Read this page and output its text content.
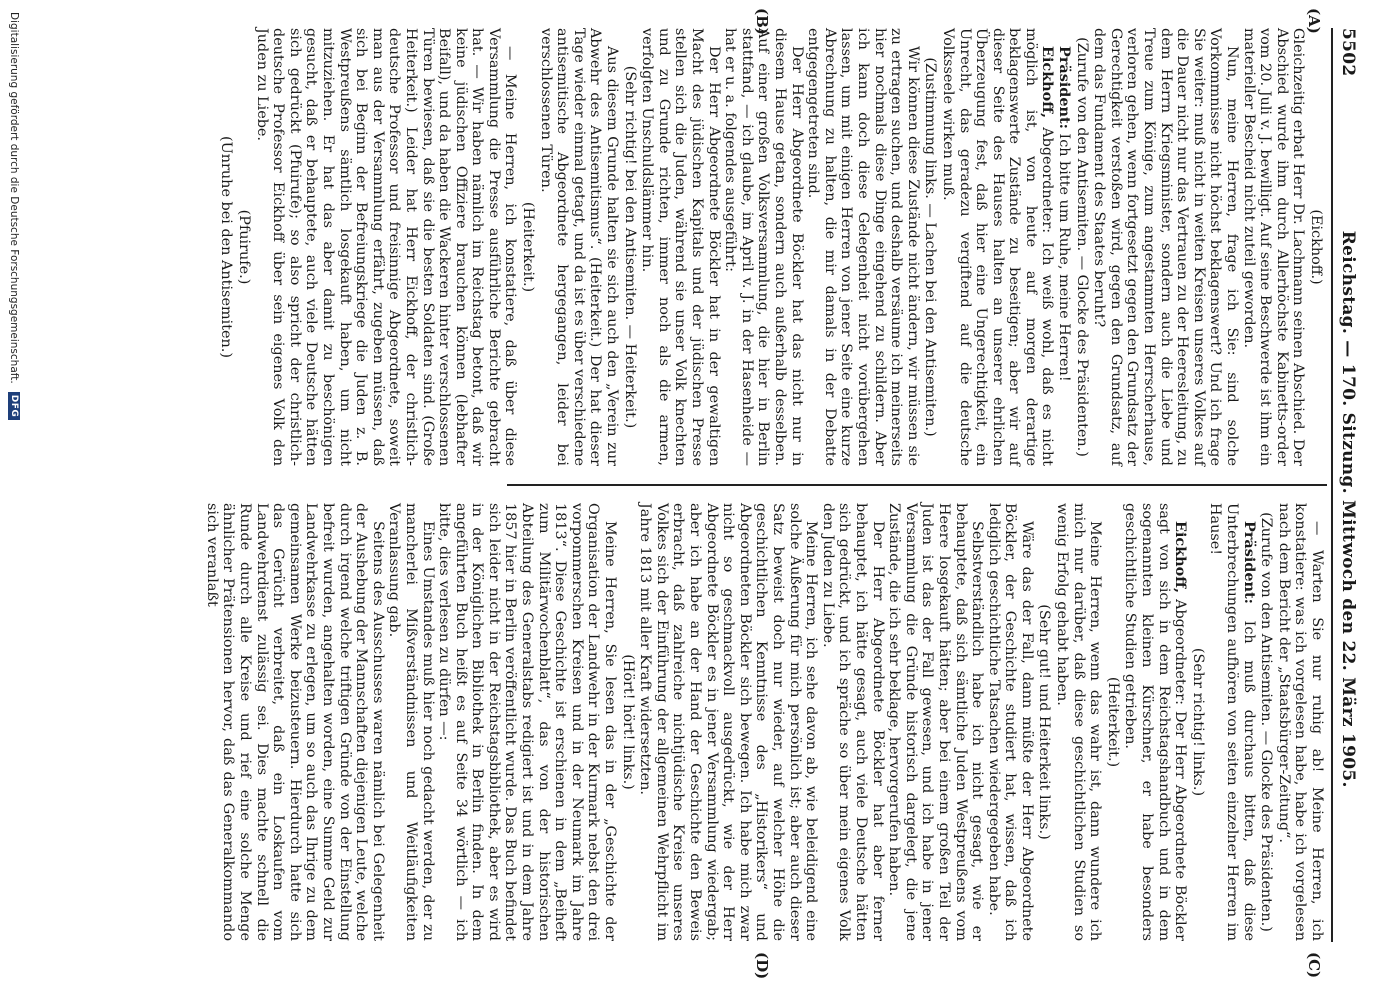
5502
Reichstag. — 170. Sitzung. Mittwoch den 22. März 1905.
(A)
(B)
(C)
(D)

(Eickhoff.)

Gleichzeitig erbat Herr Dr. Lachmann seinen Abschied. Der Abschied wurde ihm durch Allerhöchste Kabinetts-order vom 20. Juli v. J. bewilligt. Auf seine Beschwerde ist ihm ein materieller Bescheid nicht zuteil geworden.

Nun, meine Herren, frage ich Sie: sind solche Vorkommnisse nicht höchst beklagenswert? Und ich frage Sie weiter: muß nicht in weiten Kreisen unseres Volkes auf die Dauer nicht nur das Vertrauen zu der Heeresleitung, zu dem Herrn Kriegsminister, sondern auch die Liebe und Treue zum Könige, zum angestammten Herrscherhause, verloren gehen, wenn fortgesetzt gegen den Grundsatz der Gerechtigkeit verstoßen wird, gegen den Grundsatz, auf dem das Fundament des Staates beruht?

(Zurufe von den Antisemiten. — Glocke des Präsidenten.)

Präsident: Ich bitte um Ruhe, meine Herren!

Eickhoff, Abgeordneter: Ich weiß wohl, daß es nicht möglich ist, von heute auf morgen derartige beklagenswerte Zustände zu beseitigen; aber wir auf dieser Seite des Hauses halten an unserer ehrlichen Überzeugung fest, daß hier eine Ungerechtigkeit, ein Unrecht, das geradezu vergiftend auf die deutsche Volksseele wirken muß.

(Zustimmung links. — Lachen bei den Antisemiten.)

Wir können diese Zustände nicht ändern, wir müssen sie zu ertragen suchen, und deshalb versäume ich meinerseits hier nochmals diese Dinge eingehend zu schildern. Aber ich kann doch diese Gelegenheit nicht vorübergehen lassen, um mit einigen Herren von jener Seite eine kurze Abrechnung zu halten, die mir damals in der Debatte entgegengetreten sind.

Der Herr Abgeordnete Böckler hat das nicht nur in diesem Hause getan, sondern auch außerhalb desselben. Auf einer großen Volksversammlung, die hier in Berlin stattfand, — ich glaube, im April v. J. in der Hasenheide — hat er u. a. folgendes ausgeführt:

Der Herr Abgeordnete Böckler hat in der gewaltigen Macht des jüdischen Kapitals und der jüdischen Presse stellen sich die Juden, während sie unser Volk knechten und zu Grunde richten, immer noch als die armen, verfolgten Unschuldslämmer hin.

(Sehr richtig! bei den Antisemiten. — Heiterkeit.)

Aus diesem Grunde halten sie sich auch den „Verein zur Abwehr des Antisemitismus“. (Heiterkeit.) Der hat dieser Tage wieder einmal getagt, und da ist es über verschiedene antisemitische Abgeordnete hergegangen, leider bei verschlossenen Türen.

(Heiterkeit.)

— Meine Herren, ich konstatiere, daß über diese Versammlung die Presse ausführliche Berichte gebracht hat. — Wir haben nämlich im Reichstag betont, daß wir keine jüdischen Offiziere brauchen können (lebhafter Beifall), und da haben die Wackeren hinter verschlossenen Türen bewiesen, daß sie die besten Soldaten sind. (Große Heiterkeit.) Leider hat Herr Eickhoff, der christlich-deutsche Professor und freisinnige Abgeordnete, soweit man aus der Versammlung erfährt, zugeben müssen, daß sich bei Beginn der Befreiungskriege die Juden z. B. Westpreußens sämtlich losgekauft haben, um nicht mitzuziehen. Er hat das aber damit zu beschönigen gesucht, daß er behauptete, auch viele Deutsche hätten sich gedrückt (Pfuirufe); so also spricht der christlich-deutsche Professor Eickhoff über sein eigenes Volk den Juden zu Liebe.

(Pfuirufe.)

(Unruhe bei den Antisemiten.)

— Warten Sie nur ruhig ab! Meine Herren, ich konstatiere: was ich vorgelesen habe, habe ich vorgelesen nach dem Bericht der „Staatsbürger-Zeitung“.

(Zurufe von den Antisemiten. — Glocke des Präsidenten.)

Präsident: Ich muß durchaus bitten, daß diese Unterbrechungen aufhören von seiten einzelner Herren im Hause!

(Sehr richtig! links.)

Eickhoff, Abgeordneter: Der Herr Abgeordnete Böckler sagt von sich in dem Reichstagshandbuch und in dem sogenannten kleinen Kürschner, er habe besonders geschichtliche Studien getrieben.

(Heiterkeit.)

Meine Herren, wenn das wahr ist, dann wundere ich mich nur darüber, daß diese geschichtlichen Studien so wenig Erfolg gehabt haben.

(Sehr gut! und Heiterkeit links.)

Wäre das der Fall, dann müßte der Herr Abgeordnete Böckler, der Geschichte studiert hat, wissen, daß ich lediglich geschichtliche Tatsachen wiedergegeben habe.

Selbstverständlich habe ich nicht gesagt, wie er behauptete, daß sich sämtliche Juden Westpreußens vom Heere losgekauft hätten; aber bei einem großen Teil der Juden ist das der Fall gewesen, und ich habe in jener Versammlung die Gründe historisch dargelegt, die jene Zustände, die ich sehr beklage, hervorgerufen haben.

Der Herr Abgeordnete Böckler hat aber ferner behauptet, ich hätte gesagt, auch viele Deutsche hätten sich gedrückt, und ich spräche so über mein eigenes Volk den Juden zu Liebe.

Meine Herren, ich sehe davon ab, wie beleidigend eine solche Äußerung für mich persönlich ist; aber auch dieser Satz beweist doch nur wieder, auf welcher Höhe die geschichtlichen Kenntnisse des „Historikers“ und Abgeordneten Böckler sich bewegen. Ich habe mich zwar nicht so geschmackvoll ausgedrückt, wie der Herr Abgeordnete Böckler es in jener Versammlung wiedergab; aber ich habe an der Hand der Geschichte den Beweis erbracht, daß zahlreiche nichtjüdische Kreise unseres Volkes sich der Einführung der allgemeinen Wehrpflicht im Jahre 1813 mit aller Kraft widersetzten.

(Hört! hört! links.)

Meine Herren, Sie lesen das in der „Geschichte der Organisation der Landwehr in der Kurmark nebst den drei vorpommerschen Kreisen und in der Neumark im Jahre 1813“. Diese Geschichte ist erschienen in dem „Beiheft zum Militärwochenblatt“, das von der historischen Abteilung des Generalstabs redigiert ist und in dem Jahre 1857 hier in Berlin veröffentlicht wurde. Das Buch befindet sich leider nicht in der Reichstagsbibliothek, aber es wird in der Königlichen Bibliothek in Berlin finden. In dem angeführten Buch heißt es auf Seite 34 wörtlich — ich bitte, dies verlesen zu dürfen —:

Eines Umstandes muß hier noch gedacht werden, der zu mancherlei Mißverständnissen und Weitläufigkeiten Veranlassung gab.

Seitens des Ausschusses waren nämlich bei Gelegenheit der Aushebung der Mannschaften diejenigen Leute, welche durch irgend welche triftigen Gründe von der Einstellung befreit wurden, angehalten worden, eine Summe Geld zur Landwehrkasse zu erlegen, um so auch das Ihrige zu dem gemeinsamen Werke beizusteuern. Hierdurch hatte sich das Gerücht verbreitet, daß ein Loskaufen vom Landwehrdienst zulässig sei. Dies machte schnell die Runde durch alle Kreise und rief eine solche Menge ähnlicher Prätensionen hervor, daß das Generalkommando sich veranlaßt

Digitalisierung gefördert durch die Deutsche Forschungsgemeinschaft.
DFG
